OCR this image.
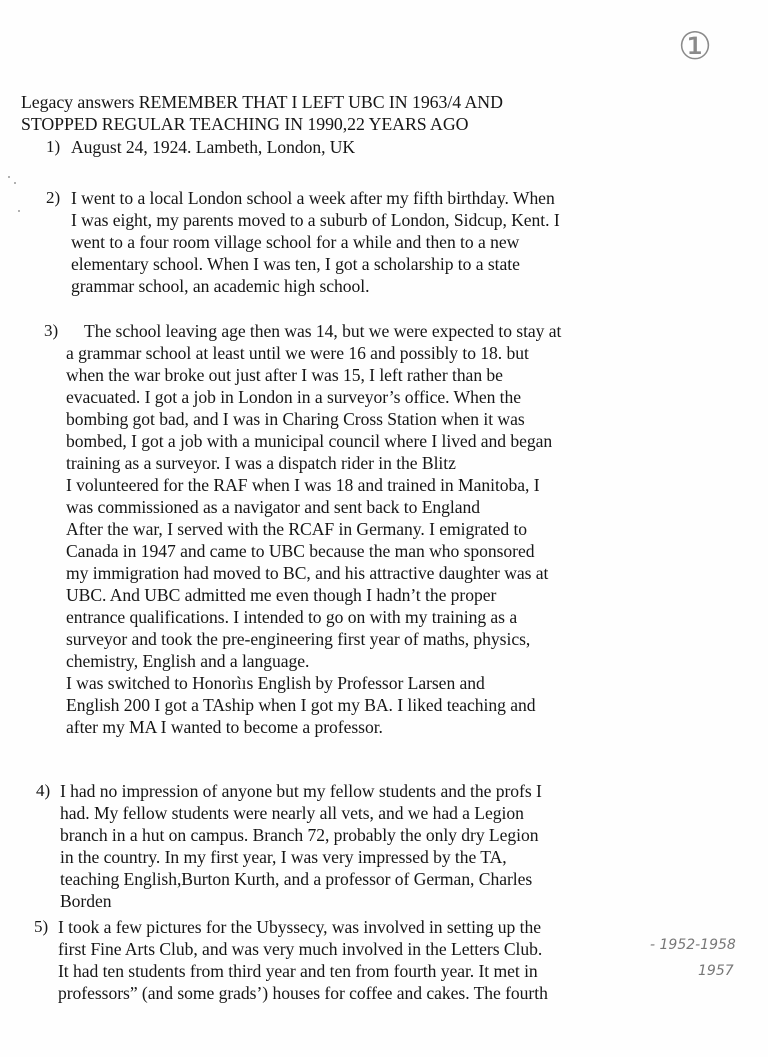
①
Legacy answers REMEMBER THAT I LEFT UBC IN 1963/4 AND
STOPPED REGULAR TEACHING IN 1990,22 YEARS AGO
1) August 24, 1924. Lambeth, London, UK
2) I went to a local London school a week after my fifth birthday. When
I was eight, my parents moved to a suburb of London, Sidcup, Kent. I
went to a four room village school for a while and then to a new
elementary school. When I was ten, I got a scholarship to a state
grammar school, an academic high school.
3) The school leaving age then was 14, but we were expected to stay at
a grammar school at least until we were 16 and possibly to 18. but
when the war broke out just after I was 15, I left rather than be
evacuated. I got a job in London in a surveyor’s office. When the
bombing got bad, and I was in Charing Cross Station when it was
bombed, I got a job with a municipal council where I lived and began
training as a surveyor. I was a dispatch rider in the Blitz
I volunteered for the RAF when I was 18 and trained in Manitoba, I
was commissioned as a navigator and sent back to England
After the war, I served with the RCAF in Germany. I emigrated to
Canada in 1947 and came to UBC because the man who sponsored
my immigration had moved to BC, and his attractive daughter was at
UBC. And UBC admitted me even though I hadn’t the proper
entrance qualifications. I intended to go on with my training as a
surveyor and took the pre-engineering first year of maths, physics,
chemistry, English and a language.
I was switched to Honorìıs English by Professor Larsen and
English 200 I got a TAship when I got my BA. I liked teaching and
after my MA I wanted to become a professor.
4) I had no impression of anyone but my fellow students and the profs I
had. My fellow students were nearly all vets, and we had a Legion
branch in a hut on campus. Branch 72, probably the only dry Legion
in the country. In my first year, I was very impressed by the TA,
teaching English,Burton Kurth, and a professor of German, Charles
Borden
5) I took a few pictures for the Ubysseсy, was involved in setting up the
first Fine Arts Club, and was very much involved in the Letters Club.
It had ten students from third year and ten from fourth year. It met in
professors” (and some grads’) houses for coffee and cakes. The fourth
- 1952-1958
1957
